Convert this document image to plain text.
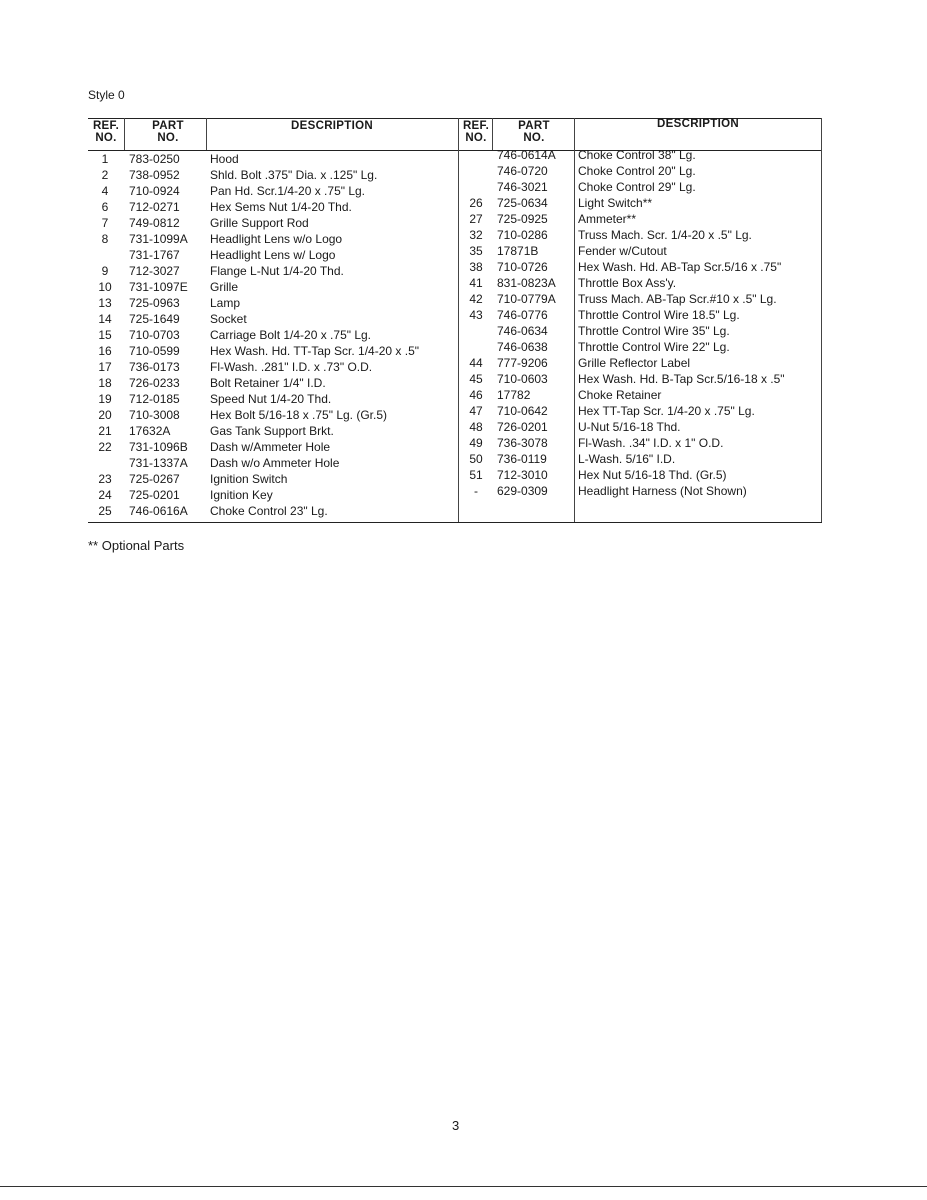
Style 0
REF.
NO.
PART
NO.
DESCRIPTION	REF.
NO.
PART
NO.
DESCRIPTION
1	783-0250	Hood
2	738-0952	Shld. Bolt .375" Dia. x .125" Lg.
4	710-0924	Pan Hd. Scr.1/4-20 x .75" Lg.
6	712-0271	Hex Sems Nut 1/4-20 Thd.
7	749-0812	Grille Support Rod
8	731-1099A Headlight Lens w/o Logo
731-1767	Headlight Lens w/ Logo
9	712-3027	Flange L-Nut 1/4-20 Thd.
10	731-1097E Grille
13	725-0963	Lamp
14	725-1649	Socket
15	710-0703	Carriage Bolt 1/4-20 x .75" Lg.
16	710-0599	Hex Wash. Hd. TT-Tap Scr. 1/4-20 x .5"
17	736-0173	Fl-Wash. .281" I.D. x .73" O.D.
18	726-0233	Bolt Retainer 1/4" I.D.
19	712-0185	Speed Nut 1/4-20 Thd.
20	710-3008	Hex Bolt 5/16-18 x .75" Lg. (Gr.5)
21	17632A	Gas Tank Support Brkt.
22	731-1096B Dash w/Ammeter Hole
731-1337A Dash w/o Ammeter Hole
23	725-0267	Ignition Switch
24	725-0201	Ignition Key
25	746-0616A Choke Control 23" Lg.
746-0614A Choke Control 38" Lg.
746-0720	Choke Control 20" Lg.
746-3021	Choke Control 29" Lg.
26	725-0634	Light Switch**
27	725-0925	Ammeter**
32	710-0286	Truss Mach. Scr. 1/4-20 x .5" Lg.
35	17871B	Fender w/Cutout
38	710-0726	Hex Wash. Hd. AB-Tap Scr.5/16 x .75"
41	831-0823A Throttle Box Ass'y.
42	710-0779A Truss Mach. AB-Tap Scr.#10 x .5" Lg.
43	746-0776	Throttle Control Wire 18.5" Lg.
746-0634	Throttle Control Wire 35" Lg.
746-0638	Throttle Control Wire 22" Lg.
44	777-9206	Grille Reflector Label
45	710-0603	Hex Wash. Hd. B-Tap Scr.5/16-18 x .5"
46	17782	Choke Retainer
47	710-0642	Hex TT-Tap Scr. 1/4-20 x .75" Lg.
48	726-0201	U-Nut 5/16-18 Thd.
49	736-3078	Fl-Wash. .34" I.D. x 1" O.D.
50	736-0119	L-Wash. 5/16" I.D.
51	712-3010	Hex Nut 5/16-18 Thd. (Gr.5)
-	629-0309	Headlight Harness (Not Shown)
** Optional Parts
3
